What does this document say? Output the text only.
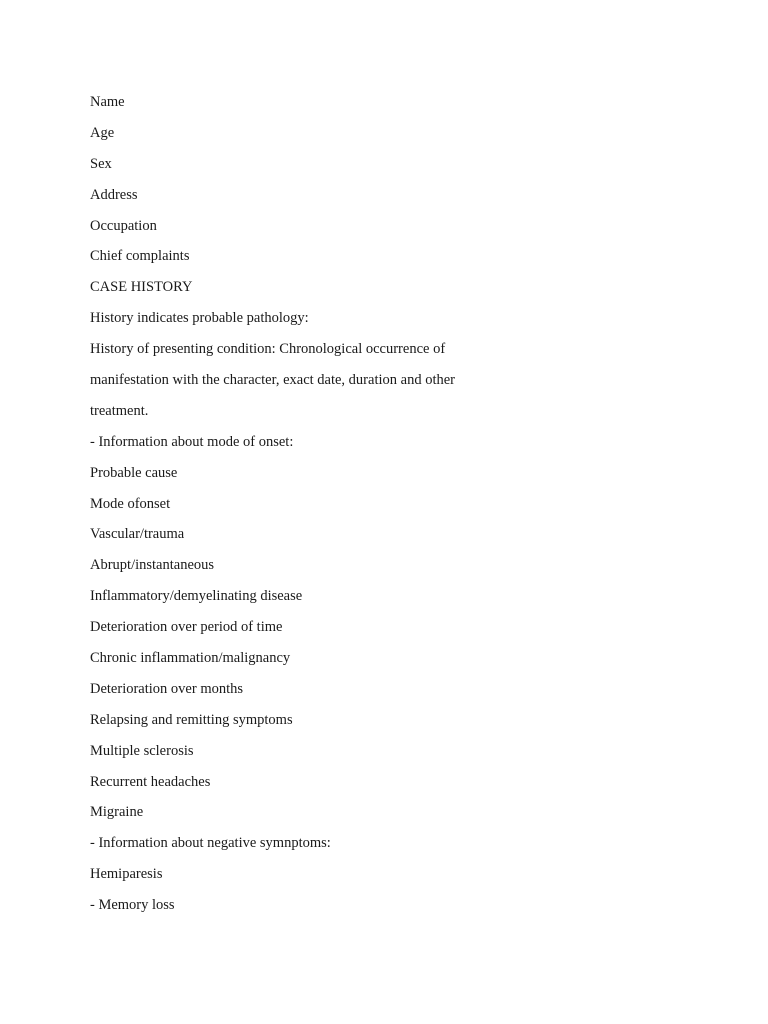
Name
Age
Sex
Address
Occupation
Chief complaints
CASE HISTORY
History indicates probable pathology:
History of presenting condition: Chronological occurrence of
manifestation with the character, exact date, duration and other
treatment.
- Information about mode of onset:
Probable cause
Mode ofonset
Vascular/trauma
Abrupt/instantaneous
Inflammatory/demyelinating disease
Deterioration over period of time
Chronic inflammation/malignancy
Deterioration over months
Relapsing and remitting symptoms
Multiple sclerosis
Recurrent headaches
Migraine
- Information about negative symnptoms:
Hemiparesis
- Memory loss
